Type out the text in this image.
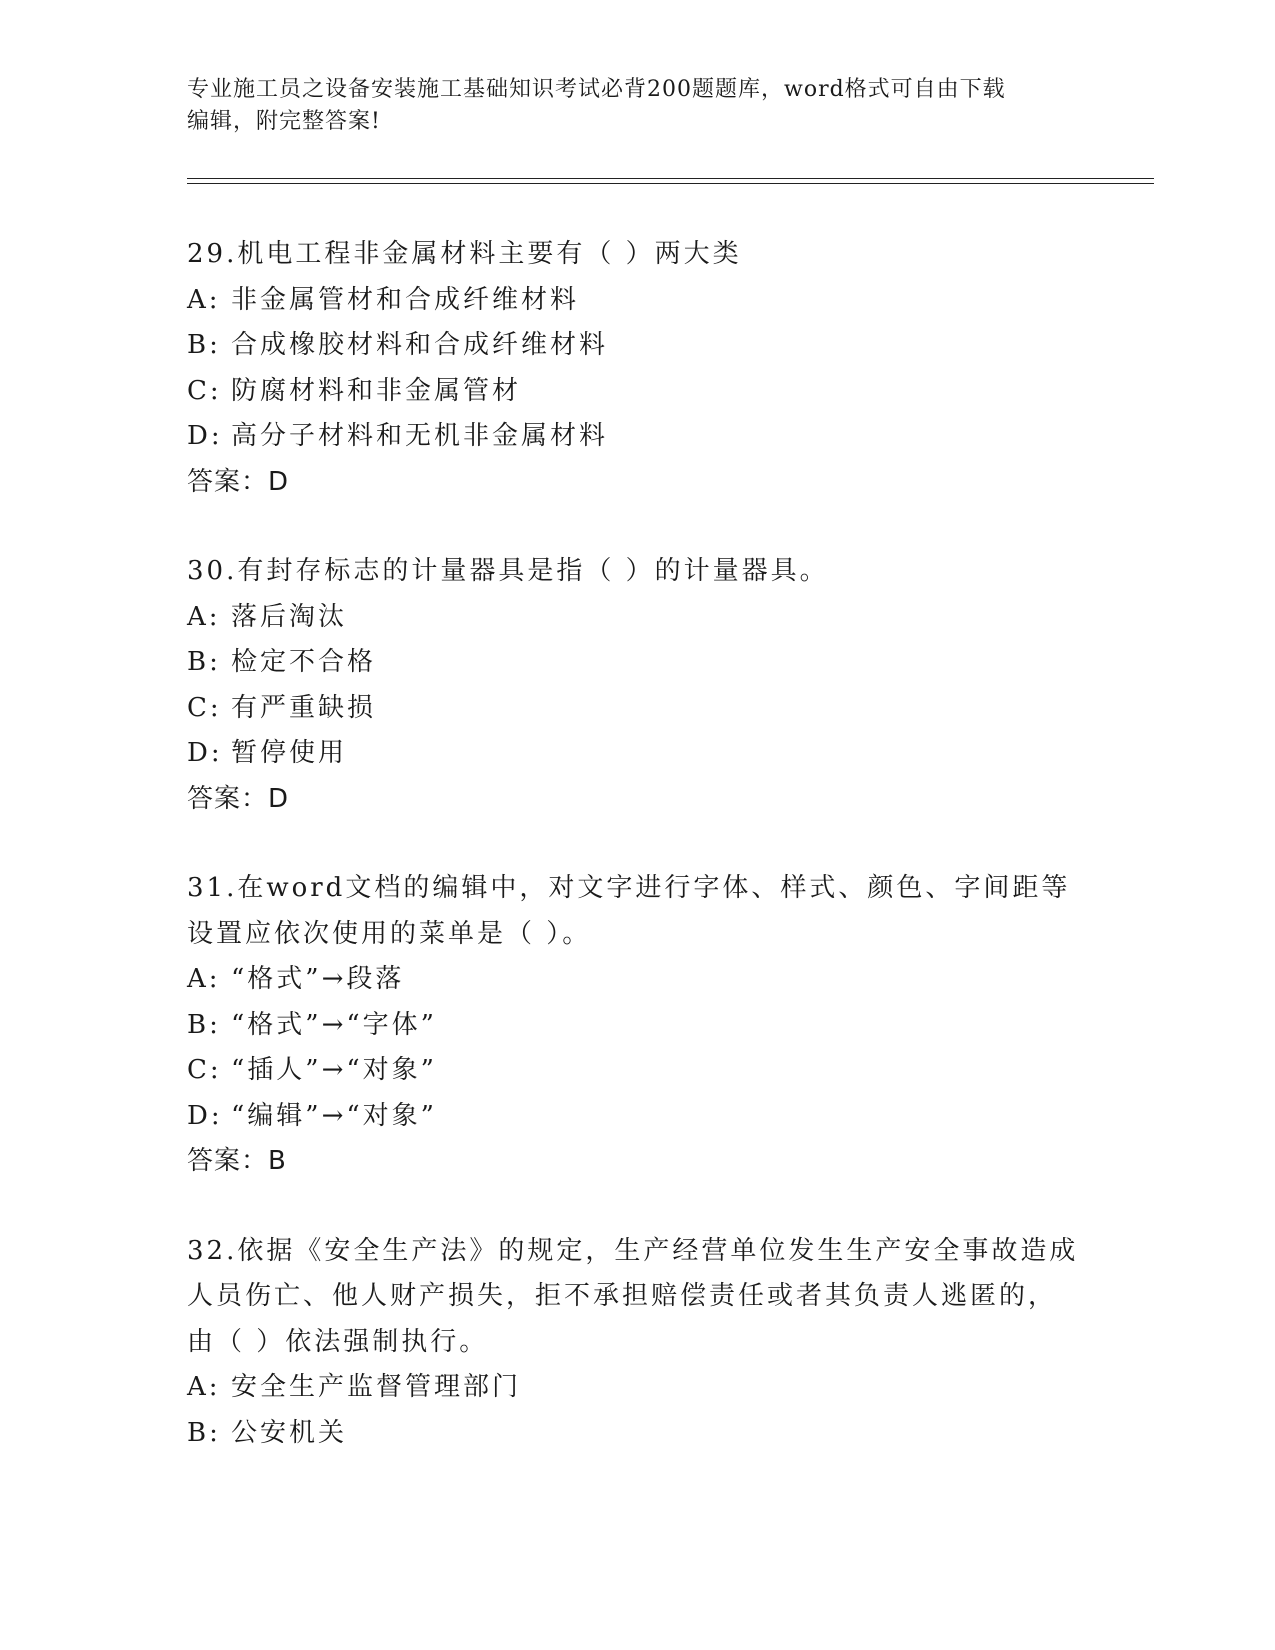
专业施工员之设备安装施工基础知识考试必背200题题库，word格式可自由下载
编辑，附完整答案!
29.机电工程非金属材料主要有（ ）两大类
A: 非金属管材和合成纤维材料
B: 合成橡胶材料和合成纤维材料
C: 防腐材料和非金属管材
D: 高分子材料和无机非金属材料
答案：D
30.有封存标志的计量器具是指（ ）的计量器具。
A: 落后淘汰
B: 检定不合格
C: 有严重缺损
D: 暂停使用
答案：D
31.在word文档的编辑中，对文字进行字体、样式、颜色、字间距等
设置应依次使用的菜单是（ ）。
A: “格式”→段落
B: “格式”→“字体”
C: “插人”→“对象”
D: “编辑”→“对象”
答案：B
32.依据《安全生产法》的规定，生产经营单位发生生产安全事故造成
人员伤亡、他人财产损失，拒不承担赔偿责任或者其负责人逃匿的，
由（ ）依法强制执行。
A: 安全生产监督管理部门
B: 公安机关
